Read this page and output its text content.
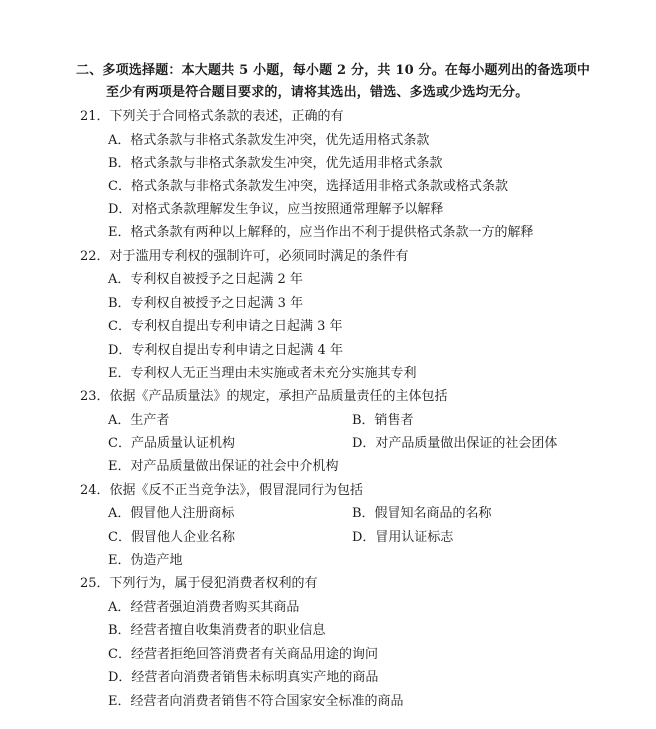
二、多项选择题：本大题共 5 小题，每小题 2 分，共 10 分。在每小题列出的备选项中
至少有两项是符合题目要求的，请将其选出，错选、多选或少选均无分。
21．下列关于合同格式条款的表述，正确的有
A．格式条款与非格式条款发生冲突，优先适用格式条款
B．格式条款与非格式条款发生冲突，优先适用非格式条款
C．格式条款与非格式条款发生冲突，选择适用非格式条款或格式条款
D．对格式条款理解发生争议，应当按照通常理解予以解释
E．格式条款有两种以上解释的，应当作出不利于提供格式条款一方的解释
22．对于滥用专利权的强制许可，必须同时满足的条件有
A．专利权自被授予之日起满 2 年
B．专利权自被授予之日起满 3 年
C．专利权自提出专利申请之日起满 3 年
D．专利权自提出专利申请之日起满 4 年
E．专利权人无正当理由未实施或者未充分实施其专利
23．依据《产品质量法》的规定，承担产品质量责任的主体包括
A．生产者	B．销售者
C．产品质量认证机构	D．对产品质量做出保证的社会团体
E．对产品质量做出保证的社会中介机构
24．依据《反不正当竞争法》，假冒混同行为包括
A．假冒他人注册商标	B．假冒知名商品的名称
C．假冒他人企业名称	D．冒用认证标志
E．伪造产地
25．下列行为，属于侵犯消费者权利的有
A．经营者强迫消费者购买其商品
B．经营者擅自收集消费者的职业信息
C．经营者拒绝回答消费者有关商品用途的询问
D．经营者向消费者销售未标明真实产地的商品
E．经营者向消费者销售不符合国家安全标准的商品
